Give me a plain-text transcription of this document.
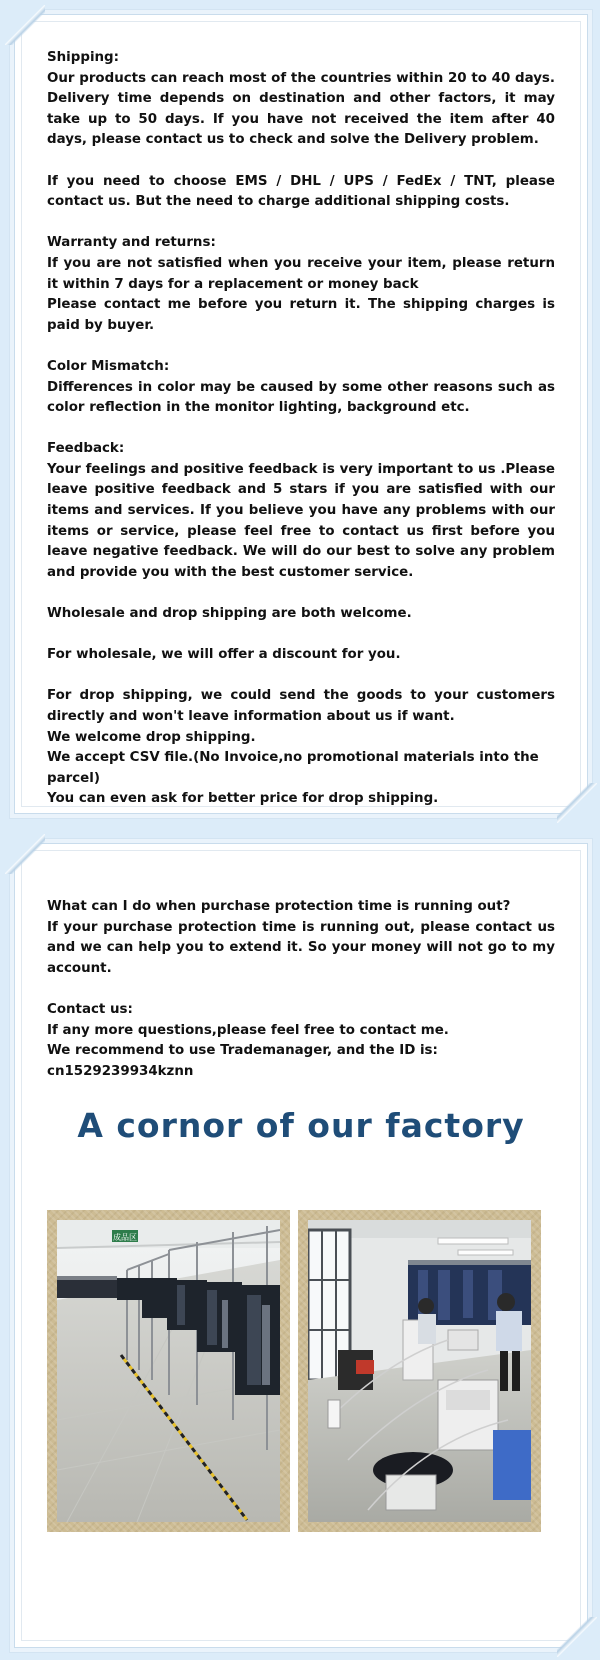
Shipping:

Our products can reach most of the countries within 20 to 40 days. Delivery time depends on destination and other factors, it may take up to 50 days. If you have not received the item after 40 days, please contact us to check and solve the Delivery problem.

If you need to choose EMS / DHL / UPS / FedEx / TNT, please contact us. But the need to charge additional shipping costs.

Warranty and returns:
If you are not satisfied when you receive your item, please return it within 7 days for a replacement or money back

Please contact me before you return it. The shipping charges is paid by buyer.

Color Mismatch:

Differences in color may be caused by some other reasons such as color reflection in the monitor lighting, background etc.

Feedback:

Your feelings and positive feedback is very important to us .Please leave positive feedback and 5 stars if you are satisfied with our items and services. If you believe you have any problems with our items or service, please feel free to contact us first before you leave negative feedback. We will do our best to solve any problem and provide you with the best customer service.

Wholesale and drop shipping are both welcome.

For wholesale, we will offer a discount for you.

For drop shipping, we could send the goods to your customers directly and won't leave information about us if want.
We welcome drop shipping.
We accept CSV file.(No Invoice,no promotional materials into the parcel)
You can even ask for better price for drop shipping.
What can I do when purchase protection time is running out?

If your purchase protection time is running out, please contact us and we can help you to extend it. So your money will not go to my account.

Contact us:
If any more questions,please feel free to contact me.
We recommend to use Trademanager, and the ID is: cn1529239934kznn
A cornor of our factory
成品区
